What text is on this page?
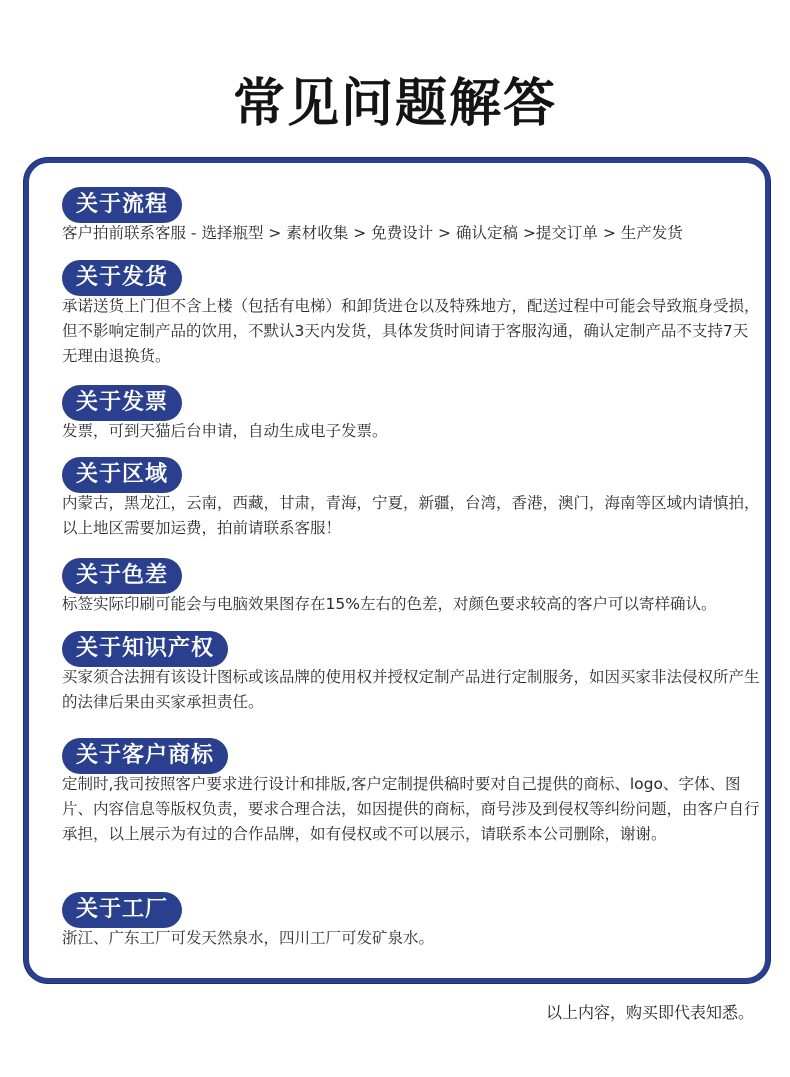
常见问题解答
关于流程
客户拍前联系客服 - 选择瓶型 > 素材收集 > 免费设计 > 确认定稿 >提交订单 > 生产发货
关于发货
承诺送货上门但不含上楼（包括有电梯）和卸货进仓以及特殊地方，配送过程中可能会导致瓶身受损，但不影响定制产品的饮用，不默认3天内发货，具体发货时间请于客服沟通，确认定制产品不支持7天无理由退换货。
关于发票
发票，可到天猫后台申请，自动生成电子发票。
关于区域
内蒙古，黑龙江，云南，西藏，甘肃，青海，宁夏，新疆，台湾，香港，澳门，海南等区域内请慎拍，以上地区需要加运费，拍前请联系客服！
关于色差
标签实际印刷可能会与电脑效果图存在15%左右的色差，对颜色要求较高的客户可以寄样确认。
关于知识产权
买家须合法拥有该设计图标或该品牌的使用权并授权定制产品进行定制服务，如因买家非法侵权所产生的法律后果由买家承担责任。
关于客户商标
定制时,我司按照客户要求进行设计和排版,客户定制提供稿时要对自己提供的商标、logo、字体、图片、内容信息等版权负责，要求合理合法，如因提供的商标，商号涉及到侵权等纠纷问题，由客户自行承担，以上展示为有过的合作品牌，如有侵权或不可以展示，请联系本公司删除，谢谢。
关于工厂
浙江、广东工厂可发天然泉水，四川工厂可发矿泉水。
以上内容，购买即代表知悉。
